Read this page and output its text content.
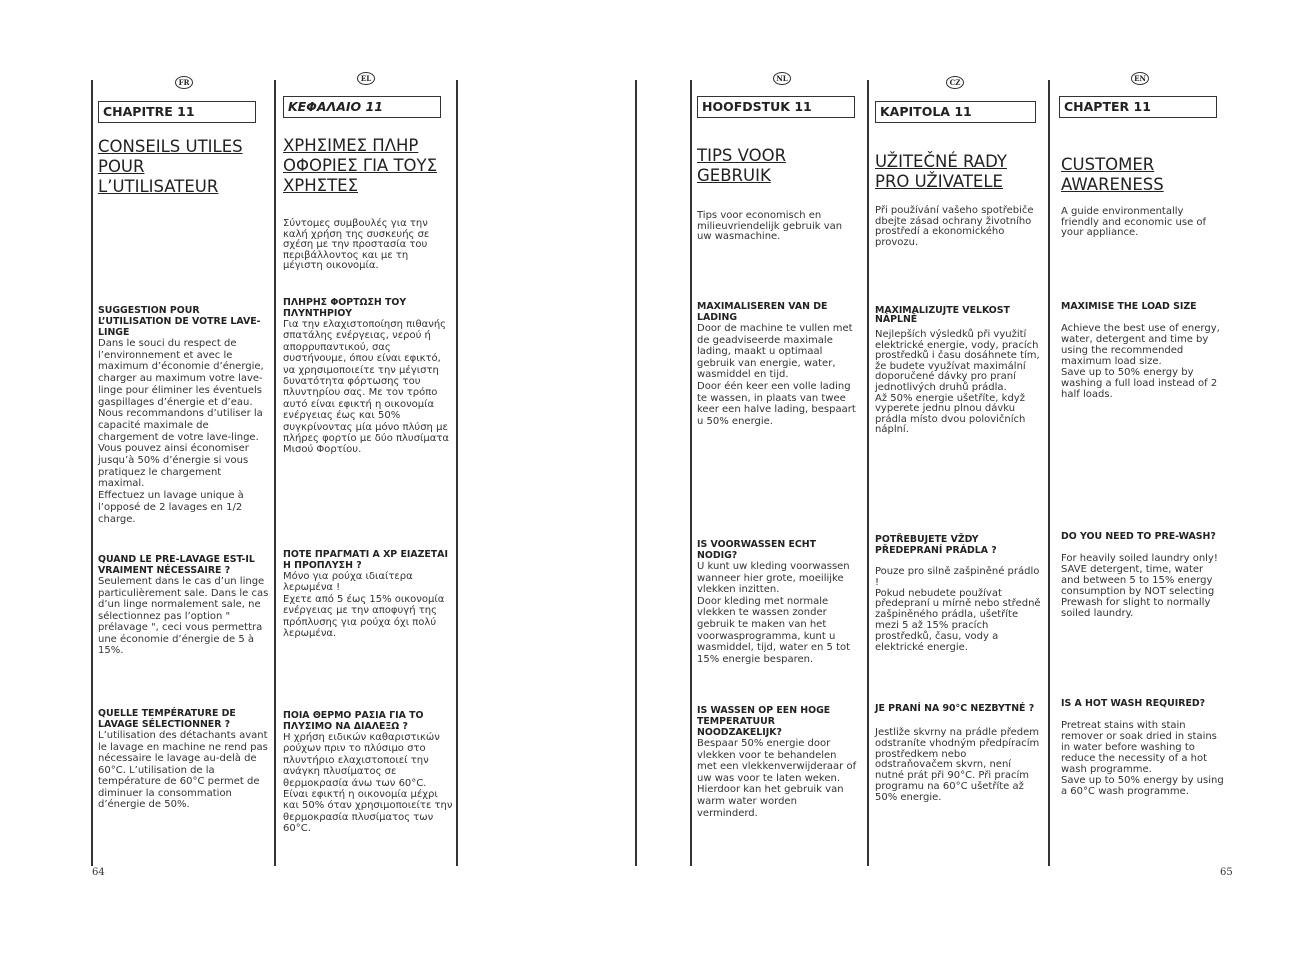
FR
CHAPITRE 11
CONSEILS UTILES POUR L’UTILISATEUR
SUGGESTION POUR L’UTILISATION DE VOTRE LAVE-LINGE
Dans le souci du respect de l’environnement et avec le maximum d’économie d’énergie,
charger au maximum votre lave-linge pour éliminer les éventuels gaspillages d’énergie et d’eau.
Nous recommandons d’utiliser la capacité maximale de chargement de votre lave-linge.
Vous pouvez ainsi économiser jusqu’à 50% d’énergie si vous pratiquez le chargement maximal.
Effectuez un lavage unique à l’opposé de 2 lavages en 1/2 charge.
QUAND LE PRE-LAVAGE EST-IL VRAIMENT NÉCESSAIRE ?
Seulement dans le cas d’un linge particulièrement sale. Dans le cas d’un linge normalement sale, ne sélectionnez pas l’option " prélavage ", ceci vous permettra une économie d’énergie de 5 à 15%.
QUELLE TEMPÉRATURE DE LAVAGE SÉLECTIONNER ?
L’utilisation des détachants avant le lavage en machine ne rend pas nécessaire le lavage au-delà de 60°C. L’utilisation de la température de 60°C permet de diminuer la consommation d’énergie de 50%.
64
EL
ΚΕΦΑΛΑΙΟ 11
ΧΡΗΣΙΜΕΣ ΠΛΗΡ ΟΦΟΡΙΕΣ ΓΙΑ ΤΟΥΣ ΧΡΗΣΤΕΣ
Σύντομες συμβουλές για την καλή χρήση της συσκευής σε σχέση με την προστασία του περιβάλλοντος και με τη μέγιστη οικονομία.
ΠΛΗΡΗΣ ΦΟΡΤΩΣΗ ΤΟΥ ΠΛΥΝΤΗΡΙΟΥ
Για την ελαχιστοποίηση πιθανής σπατάλης ενέργειας, νερού ή απορρυπαντικού, σας συστήνουμε, όπου είναι εφικτό, να χρησιμοποιείτε την μέγιστη δυνατότητα φόρτωσης του πλυντηρίου σας. Με τον τρόπο αυτό είναι εφικτή η οικονομία ενέργειας έως και 50% συγκρίνοντας μία μόνο πλύση με πλήρες φορτίο με δύο πλυσίματα Μισού Φορτίου.
ΠΟΤΕ ΠΡΑΓΜΑΤΙ Α ΧΡ ΕΙΑΖΕΤΑΙ Η ΠΡΟΠΛΥΣΗ ?
Μόνο για ρούχα ιδιαίτερα λερωμένα !
Εχετε από 5 έως 15% οικονομία ενέργειας με την αποφυγή της πρόπλυσης για ρούχα όχι πολύ λερωμένα.
ΠΟΙΑ ΘΕΡΜΟ ΡΑΣΙΑ ΓΙΑ ΤΟ ΠΛΥΣΙΜΟ ΝΑ ΔΙΑΛΕΞΩ ?
Η χρήση ειδικών καθαριστικών ρούχων πριν το πλύσιμο στο πλυντήριο ελαχιστοποιεί την ανάγκη πλυσίματος σε θερμοκρασία άνω των 60°C.
Είναι εφικτή η οικονομία μέχρι και 50% όταν χρησιμοποιείτε την θερμοκρασία πλυσίματος των 60°C.
NL
HOOFDSTUK 11
TIPS VOOR GEBRUIK
Tips voor economisch en milieuvriendelijk gebruik van uw wasmachine.
MAXIMALISEREN VAN DE LADING
Door de machine te vullen met de geadviseerde maximale lading, maakt u optimaal gebruik van energie, water, wasmiddel en tijd.
Door één keer een volle lading te wassen, in plaats van twee keer een halve lading, bespaart u 50% energie.
IS VOORWASSEN ECHT NODIG?
U kunt uw kleding voorwassen wanneer hier grote, moeilijke vlekken inzitten.
Door kleding met normale vlekken te wassen zonder gebruik te maken van het voorwasprogramma, kunt u wasmiddel, tijd, water en 5 tot 15% energie besparen.
IS WASSEN OP EEN HOGE TEMPERATUUR NOODZAKELIJK?
Bespaar 50% energie door vlekken voor te behandelen met een vlekkenverwijderaar of uw was voor te laten weken. Hierdoor kan het gebruik van warm water worden verminderd.
CZ
KAPITOLA 11
UŽITEČNÉ RADY PRO UŽIVATELE
Při používání vašeho spotřebiče dbejte zásad ochrany životního prostředí a ekonomického provozu.
MAXIMALIZUJTE VELKOST NÁPLNĚ
Nejlepších výsledků při využití elektrické energie, vody, pracích prostředků i času dosáhnete tím, že budete využívat maximální doporučené dávky pro praní jednotlivých druhů prádla.
Až 50% energie ušetříte, když vyperete jednu plnou dávku prádla místo dvou polovičních náplní.
POTŘEBUJETE VŽDY PŘEDEPRANÍ PRÁDLA ?
Pouze pro silně zašpiněné prádlo !
Pokud nebudete používat předepraní u mírně nebo středně zašpiněného prádla, ušetříte mezi 5 až 15% pracích prostředků, času, vody a elektrické energie.
JE PRANÍ NA 90°C NEZBYTNÉ ?
Jestliže skvrny na prádle předem odstraníte vhodným předpíracím prostředkem nebo odstraňovačem skvrn, není nutné prát při 90°C. Při pracím programu na 60°C ušetříte až 50% energie.
EN
CHAPTER 11
CUSTOMER AWARENESS
A guide environmentally friendly and economic use of your appliance.
MAXIMISE THE LOAD SIZE
Achieve the best use of energy, water, detergent and time by using the recommended maximum load size.
Save up to 50% energy by washing a full load instead of 2 half loads.
DO YOU NEED TO PRE-WASH?
For heavily soiled laundry only!
SAVE detergent, time, water and between 5 to 15% energy consumption by NOT selecting Prewash for slight to normally soiled laundry.
IS A HOT WASH REQUIRED?
Pretreat stains with stain remover or soak dried in stains in water before washing to reduce the necessity of a hot wash programme.
Save up to 50% energy by using a 60°C wash programme.
65
